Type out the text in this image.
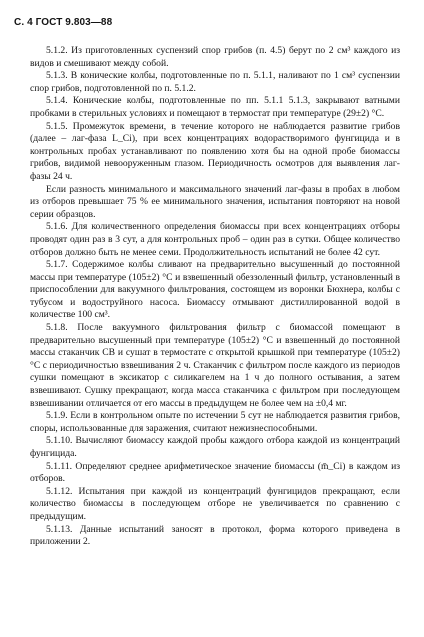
С. 4 ГОСТ 9.803—88

5.1.2. Из приготовленных суспензий спор грибов (п. 4.5) берут по 2 см³ каждого из видов и смешивают между собой.

5.1.3. В конические колбы, подготовленные по п. 5.1.1, наливают по 1 см³ суспензии спор грибов, подготовленной по п. 5.1.2.

5.1.4. Конические колбы, подготовленные по пп. 5.1.1 5.1.3, закрывают ватными пробками в стерильных условиях и помещают в термостат при температуре (29±2) °С.

5.1.5. Промежуток времени, в течение которого не наблюдается развитие грибов (далее – лаг-фаза L_Сi), при всех концентрациях водорастворимого фунгицида и в контрольных пробах устанавливают по появлению хотя бы на одной пробе биомассы грибов, видимой невооруженным глазом. Периодичность осмотров для выявления лаг-фазы 24 ч.

Если разность минимального и максимального значений лаг-фазы в пробах в любом из отборов превышает 75 % ее минимального значения, испытания повторяют на новой серии образцов.

5.1.6. Для количественного определения биомассы при всех концентрациях отборы проводят один раз в 3 сут, а для контрольных проб – один раз в сутки. Общее количество отборов должно быть не менее семи. Продолжительность испытаний не более 42 сут.

5.1.7. Содержимое колбы сливают на предварительно высушенный до постоянной массы при температуре (105±2) °С и взвешенный обеззоленный фильтр, установленный в приспособлении для вакуумного фильтрования, состоящем из воронки Бюхнера, колбы с тубусом и водоструйного насоса. Биомассу отмывают дистиллированной водой в количестве 100 см³.

5.1.8. После вакуумного фильтрования фильтр с биомассой помещают в предварительно высушенный при температуре (105±2) °С и взвешенный до постоянной массы стаканчик СВ и сушат в термостате с открытой крышкой при температуре (105±2) °С с периодичностью взвешивания 2 ч. Стаканчик с фильтром после каждого из периодов сушки помещают в эксикатор с силикагелем на 1 ч до полного остывания, а затем взвешивают. Сушку прекращают, когда масса стаканчика с фильтром при последующем взвешивании отличается от его массы в предыдущем не более чем на ±0,4 мг.

5.1.9. Если в контрольном опыте по истечении 5 сут не наблюдается развития грибов, споры, использованные для заражения, считают нежизнеспособными.

5.1.10. Вычисляют биомассу каждой пробы каждого отбора каждой из концентраций фунгицида.

5.1.11. Определяют среднее арифметическое значение биомассы (m̄_Ci) в каждом из отборов.

5.1.12. Испытания при каждой из концентраций фунгицидов прекращают, если количество биомассы в последующем отборе не увеличивается по сравнению с предыдущим.

5.1.13. Данные испытаний заносят в протокол, форма которого приведена в приложении 2.
